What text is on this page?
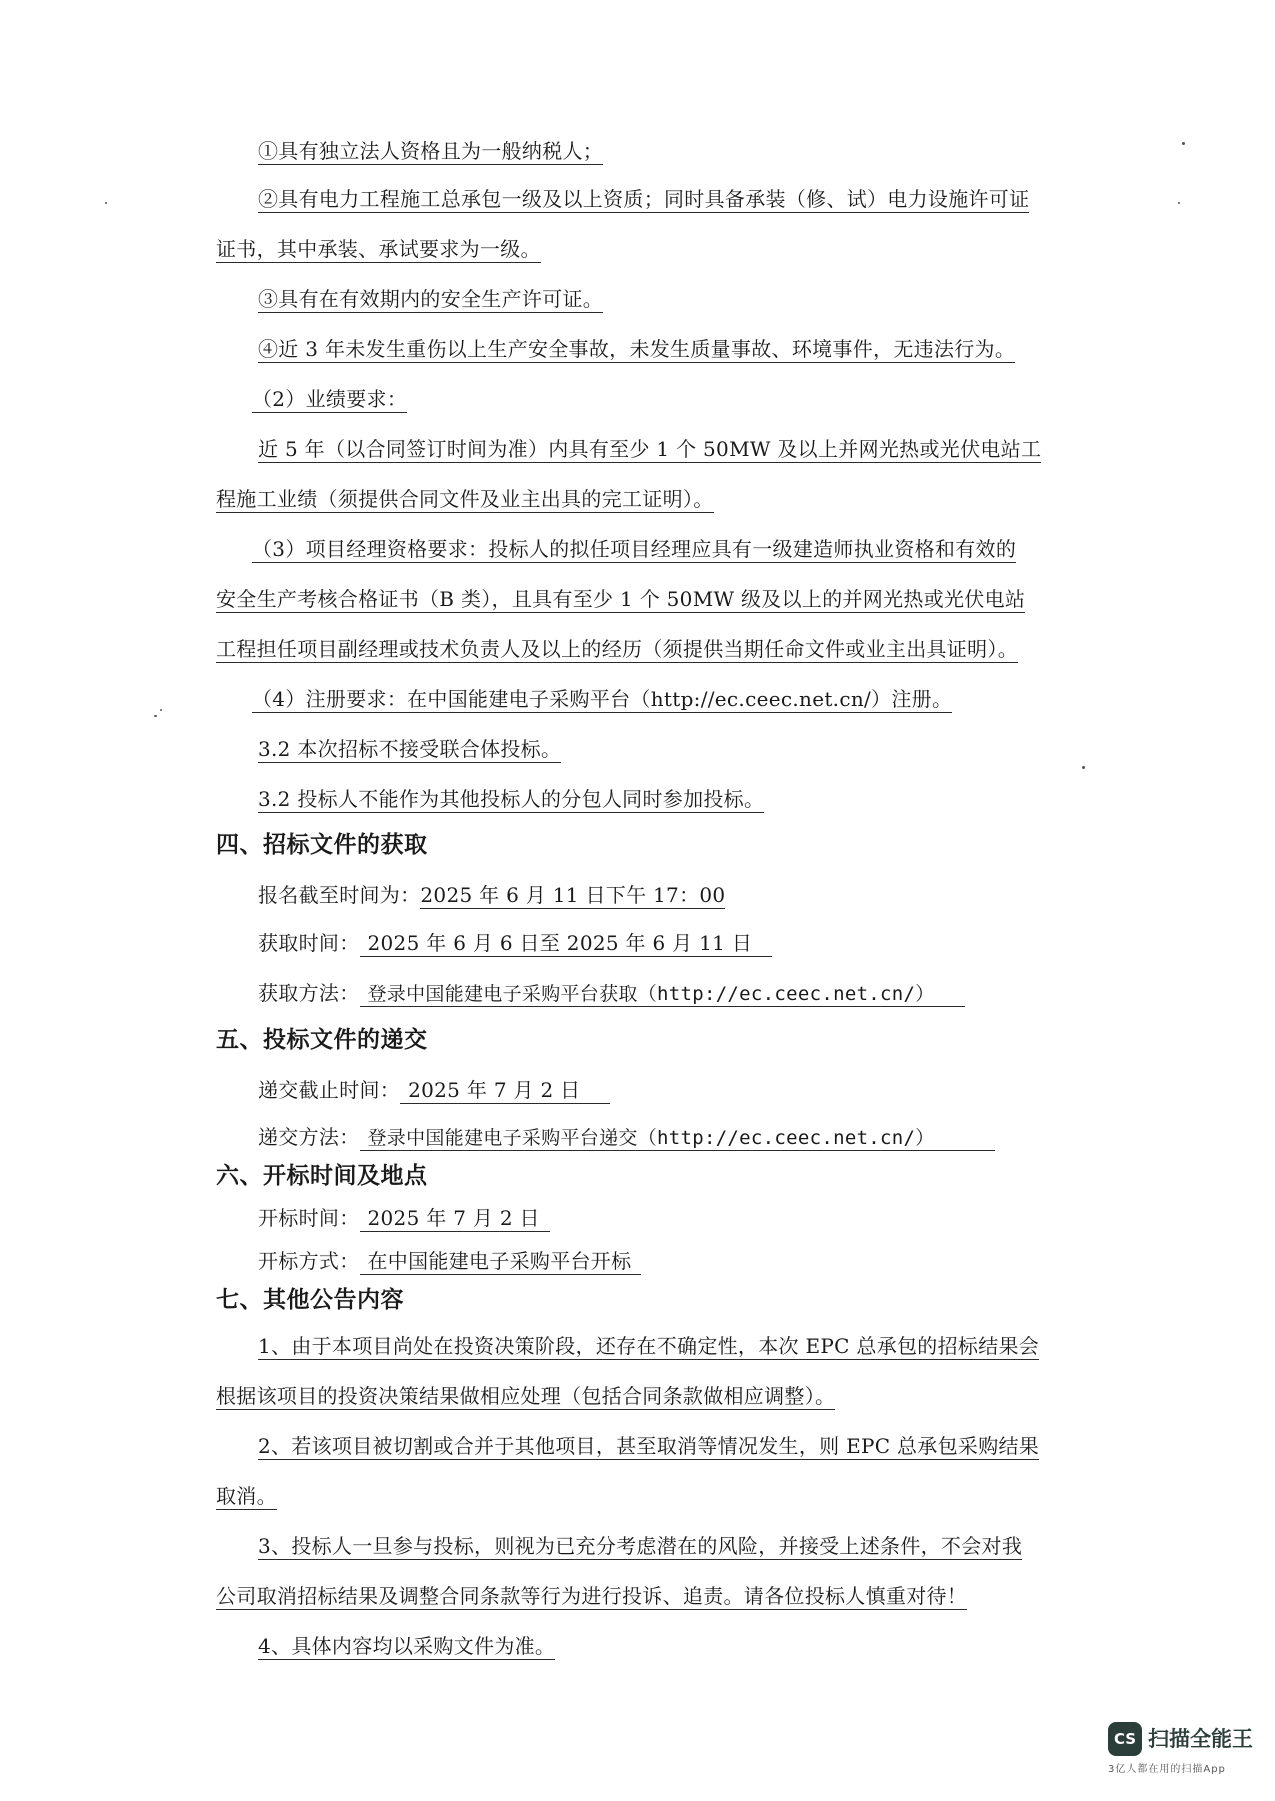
①具有独立法人资格且为一般纳税人；
②具有电力工程施工总承包一级及以上资质；同时具备承装（修、试）电力设施许可证
证书，其中承装、承试要求为一级。
③具有在有效期内的安全生产许可证。
④近 3 年未发生重伤以上生产安全事故，未发生质量事故、环境事件，无违法行为。
（2）业绩要求：
近 5 年（以合同签订时间为准）内具有至少 1 个 50MW 及以上并网光热或光伏电站工
程施工业绩（须提供合同文件及业主出具的完工证明）。
（3）项目经理资格要求：投标人的拟任项目经理应具有一级建造师执业资格和有效的
安全生产考核合格证书（B 类），且具有至少 1 个 50MW 级及以上的并网光热或光伏电站
工程担任项目副经理或技术负责人及以上的经历（须提供当期任命文件或业主出具证明）。
（4）注册要求：在中国能建电子采购平台（http://ec.ceec.net.cn/）注册。
3.2 本次招标不接受联合体投标。
3.2 投标人不能作为其他投标人的分包人同时参加投标。
四、招标文件的获取
报名截至时间为：2025 年 6 月 11 日下午 17：00
获取时间： 2025 年 6 月 6 日至 2025 年 6 月 11 日
获取方法： 登录中国能建电子采购平台获取（http://ec.ceec.net.cn/）
五、投标文件的递交
递交截止时间： 2025 年 7 月 2 日
递交方法： 登录中国能建电子采购平台递交（http://ec.ceec.net.cn/）
六、开标时间及地点
开标时间： 2025 年 7 月 2 日
开标方式： 在中国能建电子采购平台开标
七、其他公告内容
1、由于本项目尚处在投资决策阶段，还存在不确定性，本次 EPC 总承包的招标结果会
根据该项目的投资决策结果做相应处理（包括合同条款做相应调整）。
2、若该项目被切割或合并于其他项目，甚至取消等情况发生，则 EPC 总承包采购结果
取消。
3、投标人一旦参与投标，则视为已充分考虑潜在的风险，并接受上述条件，不会对我
公司取消招标结果及调整合同条款等行为进行投诉、追责。请各位投标人慎重对待！
4、具体内容均以采购文件为准。
CS 扫描全能王
3亿人都在用的扫描App
